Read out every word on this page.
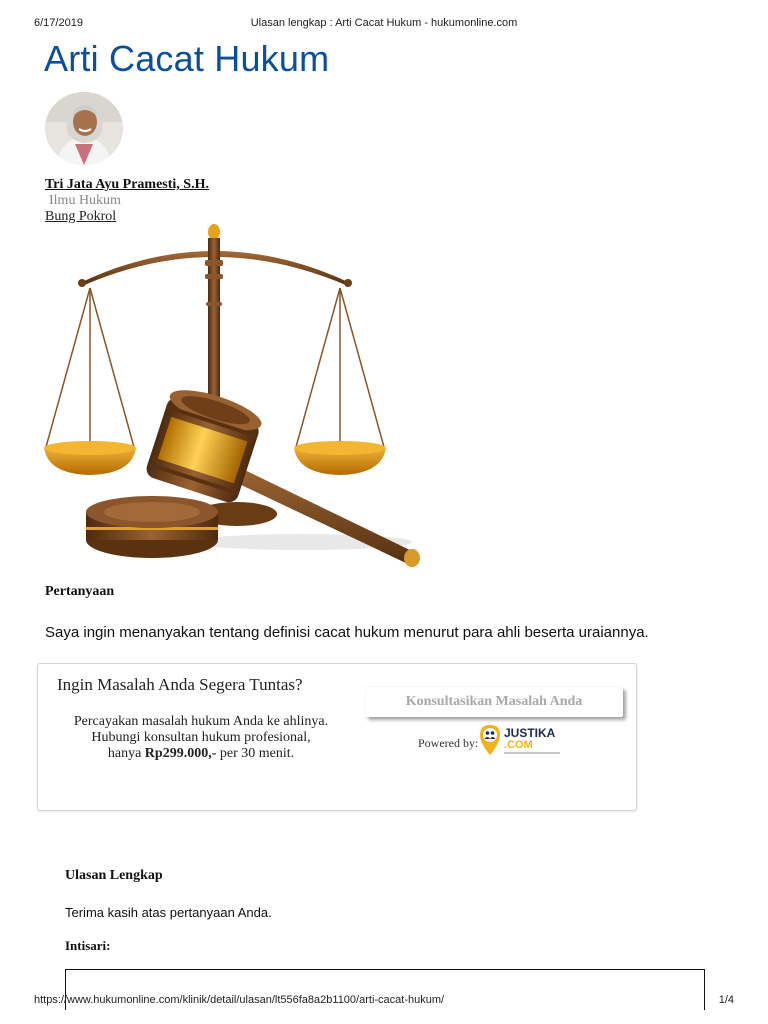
6/17/2019	Ulasan lengkap : Arti Cacat Hukum - hukumonline.com
Arti Cacat Hukum
Tri Jata Ayu Pramesti, S.H.
Ilmu Hukum
Bung Pokrol
Pertanyaan
Saya ingin menanyakan tentang definisi cacat hukum menurut para ahli beserta uraiannya.
Ingin Masalah Anda Segera Tuntas?
Percayakan masalah hukum Anda ke ahlinya.
Hubungi konsultan hukum profesional,
hanya Rp299.000,- per 30 menit.
Konsultasikan Masalah Anda
Powered by:
JUSTIKA
.COM
Ulasan Lengkap
Terima kasih atas pertanyaan Anda.
Intisari:
https://www.hukumonline.com/klinik/detail/ulasan/lt556fa8a2b1100/arti-cacat-hukum/	1/4
